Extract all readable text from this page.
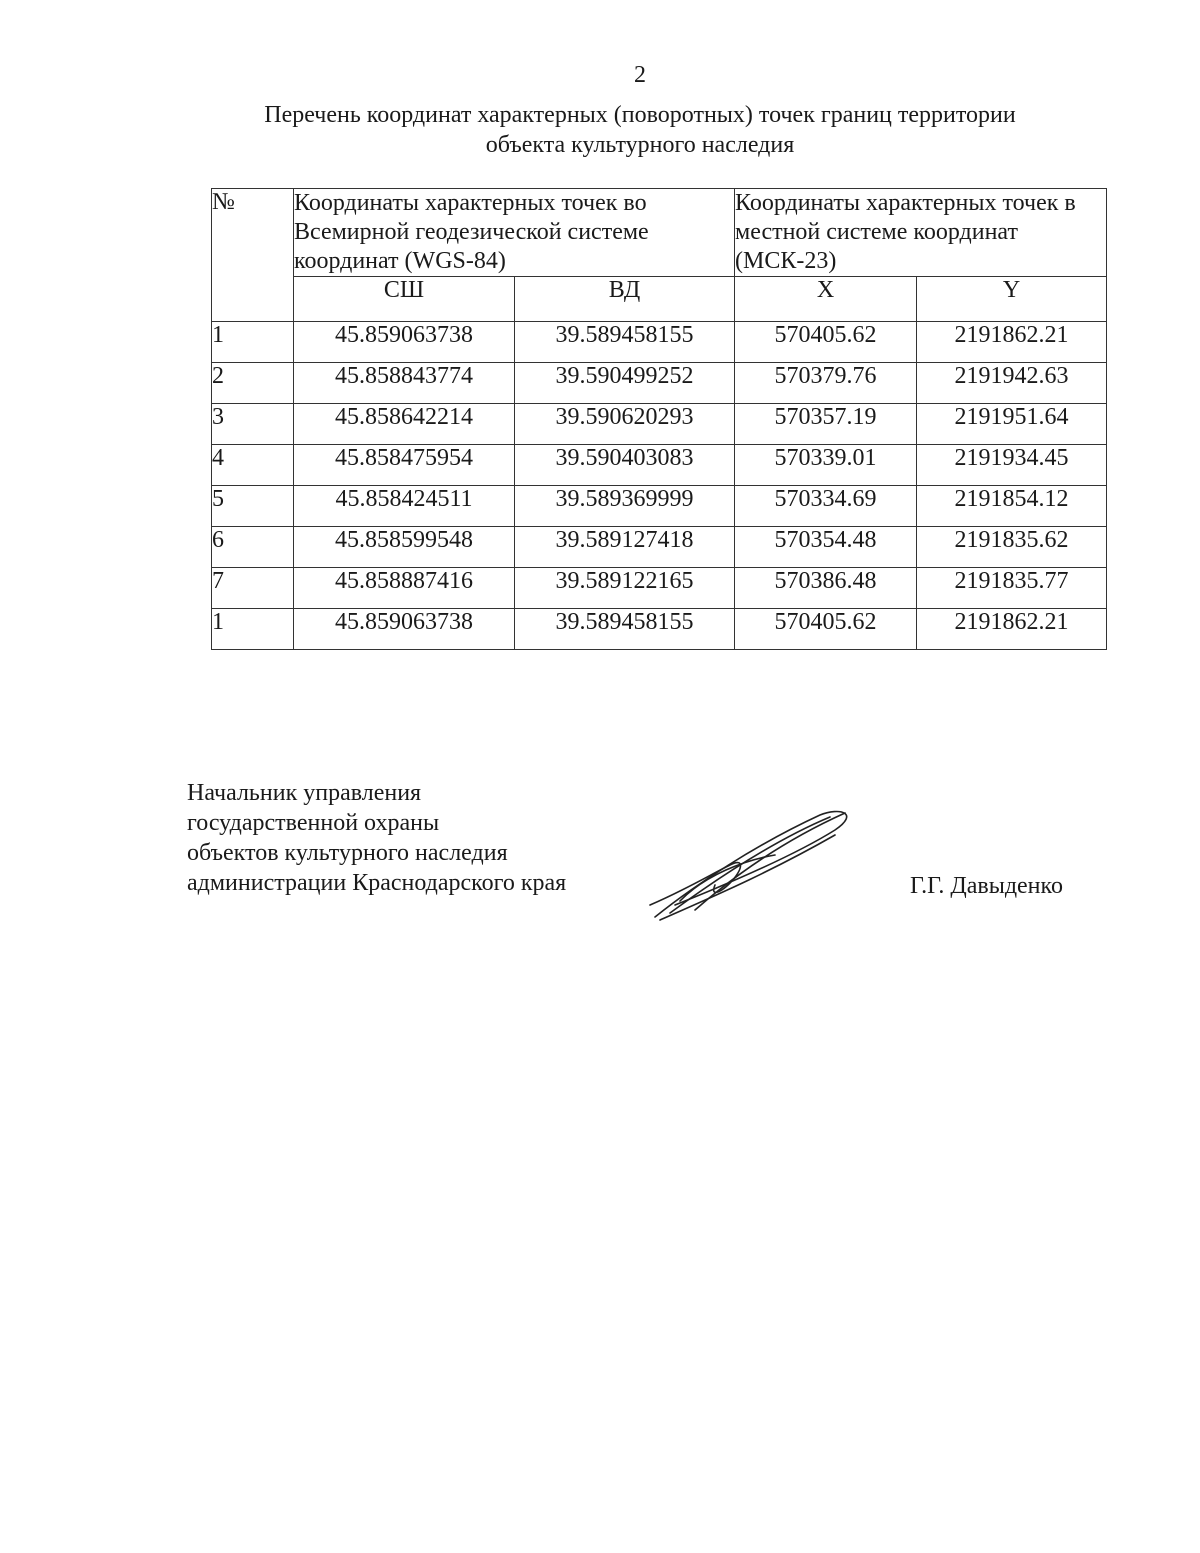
2
Перечень координат характерных (поворотных) точек границ территории
объекта культурного наследия
№	Координаты характерных точек во Всемирной геодезической системе координат (WGS-84)		Координаты характерных точек в местной системе координат (МСК-23)	
	СШ	ВД	X	Y
1	45.859063738	39.589458155	570405.62	2191862.21
2	45.858843774	39.590499252	570379.76	2191942.63
3	45.858642214	39.590620293	570357.19	2191951.64
4	45.858475954	39.590403083	570339.01	2191934.45
5	45.858424511	39.589369999	570334.69	2191854.12
6	45.858599548	39.589127418	570354.48	2191835.62
7	45.858887416	39.589122165	570386.48	2191835.77
1	45.859063738	39.589458155	570405.62	2191862.21
Начальник управления
государственной охраны
объектов культурного наследия
администрации Краснодарского края	Г.Г. Давыденко
